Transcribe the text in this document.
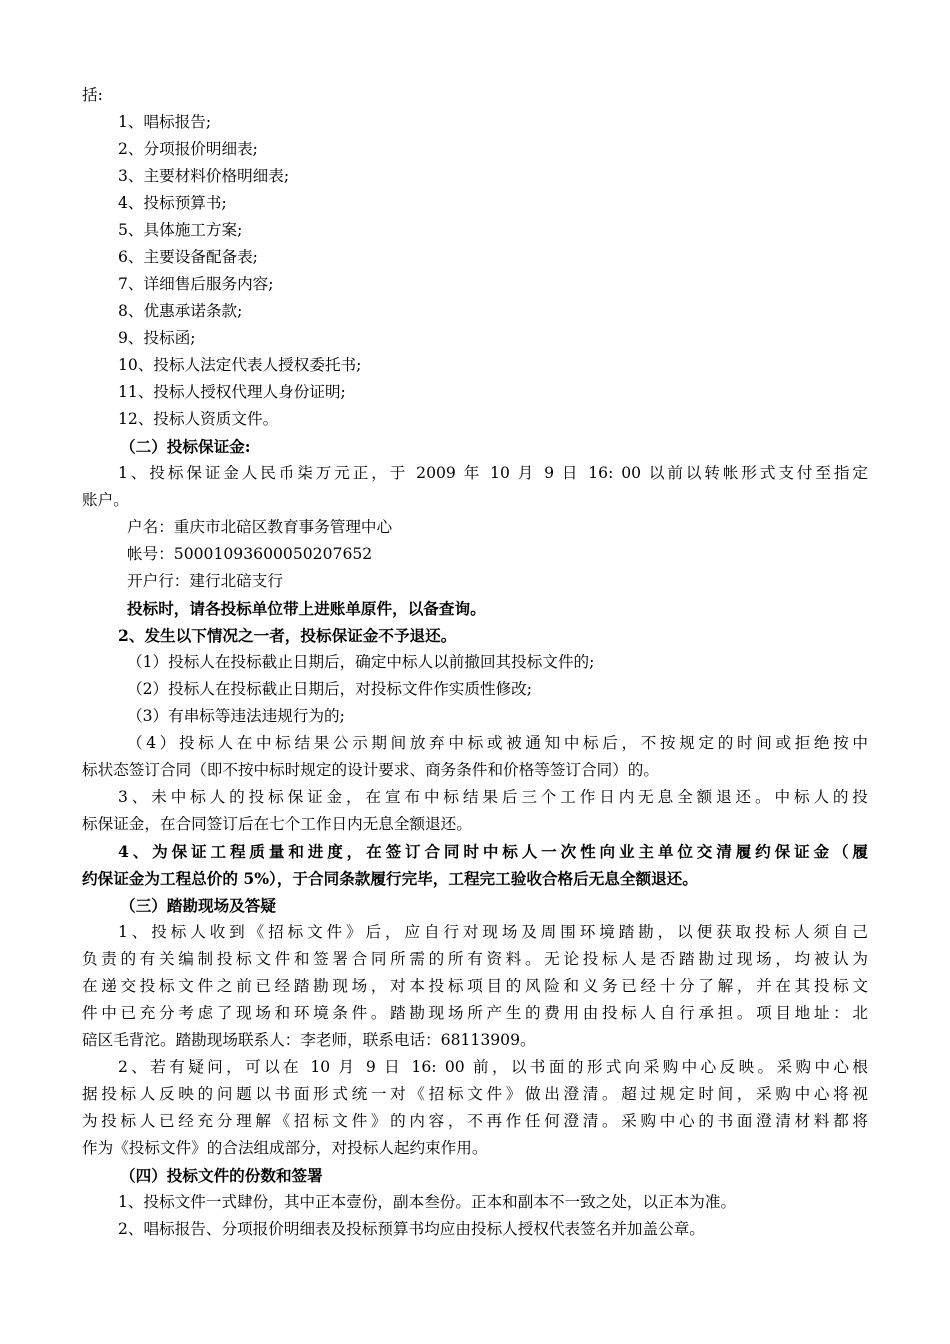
括:
1、唱标报告;
2、分项报价明细表;
3、主要材料价格明细表;
4、投标预算书;
5、具体施工方案;
6、主要设备配备表;
7、详细售后服务内容;
8、优惠承诺条款;
9、投标函;
10、投标人法定代表人授权委托书;
11、投标人授权代理人身份证明;
12、投标人资质文件。
（二）投标保证金:
1、投标保证金人民币柒万元正，于 2009 年 10 月 9 日 16: 00 以前以转帐形式支付至指定
账户。
户名：重庆市北碚区教育事务管理中心
帐号：50001093600050207652
开户行：建行北碚支行
投标时，请各投标单位带上进账单原件，以备查询。
2、发生以下情况之一者，投标保证金不予退还。
（1）投标人在投标截止日期后，确定中标人以前撤回其投标文件的;
（2）投标人在投标截止日期后，对投标文件作实质性修改;
（3）有串标等违法违规行为的;
（4）投标人在中标结果公示期间放弃中标或被通知中标后，不按规定的时间或拒绝按中
标状态签订合同（即不按中标时规定的设计要求、商务条件和价格等签订合同）的。
3、未中标人的投标保证金，在宣布中标结果后三个工作日内无息全额退还。中标人的投
标保证金，在合同签订后在七个工作日内无息全额退还。
4、为保证工程质量和进度，在签订合同时中标人一次性向业主单位交清履约保证金（履
约保证金为工程总价的 5%），于合同条款履行完毕，工程完工验收合格后无息全额退还。
（三）踏勘现场及答疑
1、投标人收到《招标文件》后，应自行对现场及周围环境踏勘，以便获取投标人须自己
负责的有关编制投标文件和签署合同所需的所有资料。无论投标人是否踏勘过现场，均被认为
在递交投标文件之前已经踏勘现场，对本投标项目的风险和义务已经十分了解，并在其投标文
件中已充分考虑了现场和环境条件。踏勘现场所产生的费用由投标人自行承担。项目地址：北
碚区毛背沱。踏勘现场联系人：李老师，联系电话：68113909。
2、若有疑问，可以在 10 月 9 日 16: 00 前，以书面的形式向采购中心反映。采购中心根
据投标人反映的问题以书面形式统一对《招标文件》做出澄清。超过规定时间，采购中心将视
为投标人已经充分理解《招标文件》的内容，不再作任何澄清。采购中心的书面澄清材料都将
作为《投标文件》的合法组成部分，对投标人起约束作用。
（四）投标文件的份数和签署
1、投标文件一式肆份，其中正本壹份，副本叁份。正本和副本不一致之处，以正本为准。
2、唱标报告、分项报价明细表及投标预算书均应由投标人授权代表签名并加盖公章。
